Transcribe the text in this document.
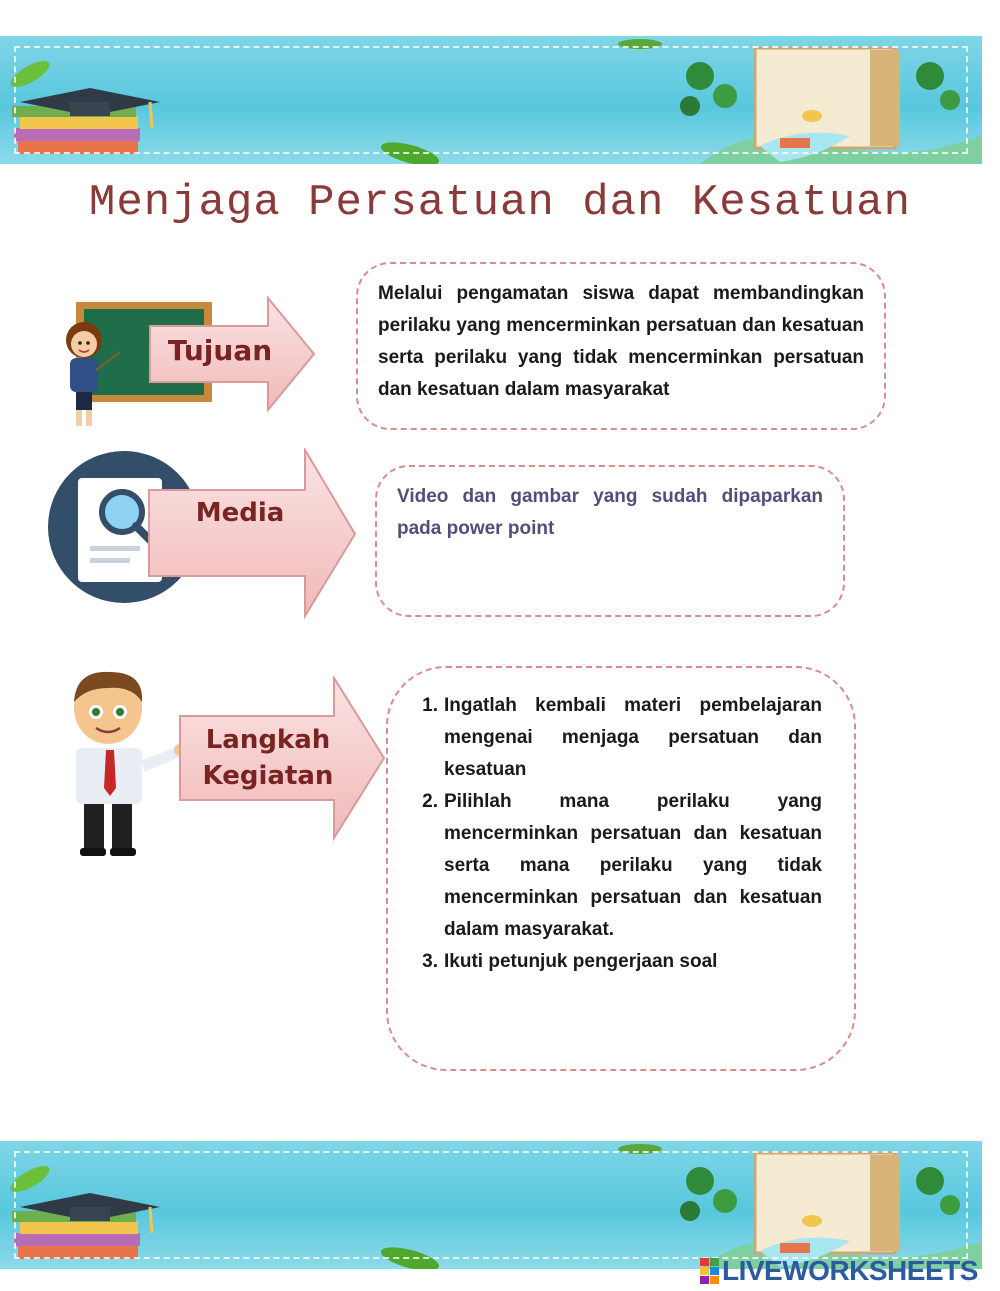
Menjaga Persatuan dan Kesatuan
Tujuan

Melalui pengamatan siswa dapat membandingkan perilaku yang mencerminkan persatuan dan kesatuan serta perilaku yang tidak mencerminkan persatuan dan kesatuan dalam masyarakat

Media

Video dan gambar yang sudah dipaparkan pada power point

Langkah
Kegiatan
1. Ingatlah kembali materi pembelajaran mengenai menjaga persatuan dan kesatuan
2. Pilihlah mana perilaku yang mencerminkan persatuan dan kesatuan serta mana perilaku yang tidak mencerminkan persatuan dan kesatuan dalam masyarakat.
3. Ikuti petunjuk pengerjaan soal
LIVEWORKSHEETS
